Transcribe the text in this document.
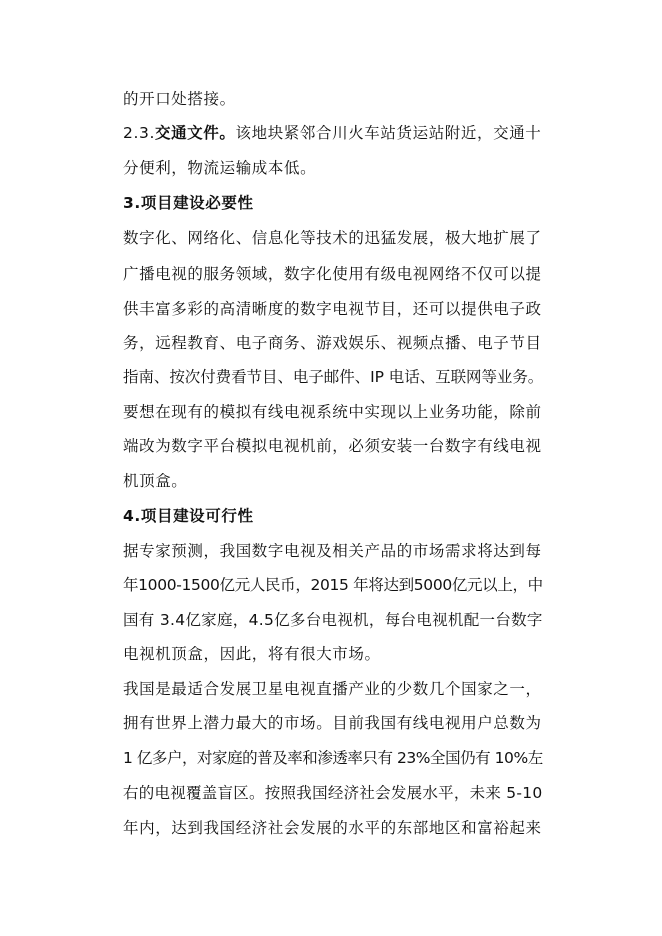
的开口处搭接。
2.3.交通文件。该地块紧邻合川火车站货运站附近，交通十
分便利，物流运输成本低。
3.项目建设必要性
数字化、网络化、信息化等技术的迅猛发展，极大地扩展了
广播电视的服务领域，数字化使用有级电视网络不仅可以提
供丰富多彩的高清晰度的数字电视节目，还可以提供电子政
务，远程教育、电子商务、游戏娱乐、视频点播、电子节目
指南、按次付费看节目、电子邮件、IP 电话、互联网等业务。
要想在现有的模拟有线电视系统中实现以上业务功能，除前
端改为数字平台模拟电视机前，必须安装一台数字有线电视
机顶盒。
4.项目建设可行性
据专家预测，我国数字电视及相关产品的市场需求将达到每
年1000-1500亿元人民币，2015 年将达到5000亿元以上，中
国有 3.4亿家庭，4.5亿多台电视机，每台电视机配一台数字
电视机顶盒，因此，将有很大市场。
我国是最适合发展卫星电视直播产业的少数几个国家之一，
拥有世界上潜力最大的市场。目前我国有线电视用户总数为
1 亿多户，对家庭的普及率和渗透率只有 23%全国仍有 10%左
右的电视覆盖盲区。按照我国经济社会发展水平，未来 5-10
年内，达到我国经济社会发展的水平的东部地区和富裕起来
